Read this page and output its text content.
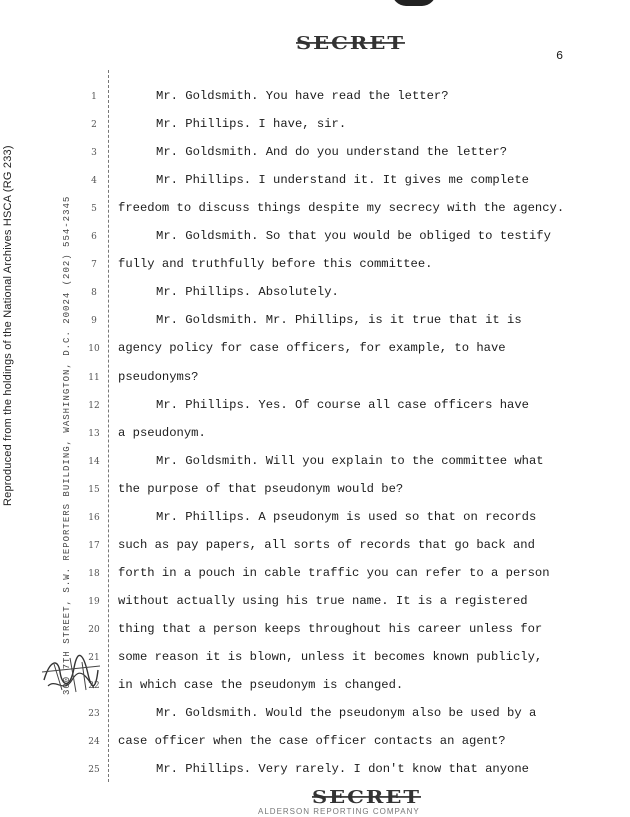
SECRET
6
Reproduced from the holdings of the National Archives HSCA (RG 233)	300 7TH STREET, S.W. REPORTERS BUILDING, WASHINGTON, D.C. 20024 (202) 554-2345
1	Mr. Goldsmith. You have read the letter?
2	Mr. Phillips. I have, sir.
3	Mr. Goldsmith. And do you understand the letter?
4	Mr. Phillips. I understand it. It gives me complete
5	freedom to discuss things despite my secrecy with the agency.
6	Mr. Goldsmith. So that you would be obliged to testify
7	fully and truthfully before this committee.
8	Mr. Phillips. Absolutely.
9	Mr. Goldsmith. Mr. Phillips, is it true that it is
10	agency policy for case officers, for example, to have
11	pseudonyms?
12	Mr. Phillips. Yes. Of course all case officers have
13	a pseudonym.
14	Mr. Goldsmith. Will you explain to the committee what
15	the purpose of that pseudonym would be?
16	Mr. Phillips. A pseudonym is used so that on records
17	such as pay papers, all sorts of records that go back and
18	forth in a pouch in cable traffic you can refer to a person
19	without actually using his true name. It is a registered
20	thing that a person keeps throughout his career unless for
21	some reason it is blown, unless it becomes known publicly,
22	in which case the pseudonym is changed.
23	Mr. Goldsmith. Would the pseudonym also be used by a
24	case officer when the case officer contacts an agent?
25	Mr. Phillips. Very rarely. I don't know that anyone
SECRET
ALDERSON REPORTING COMPANY
